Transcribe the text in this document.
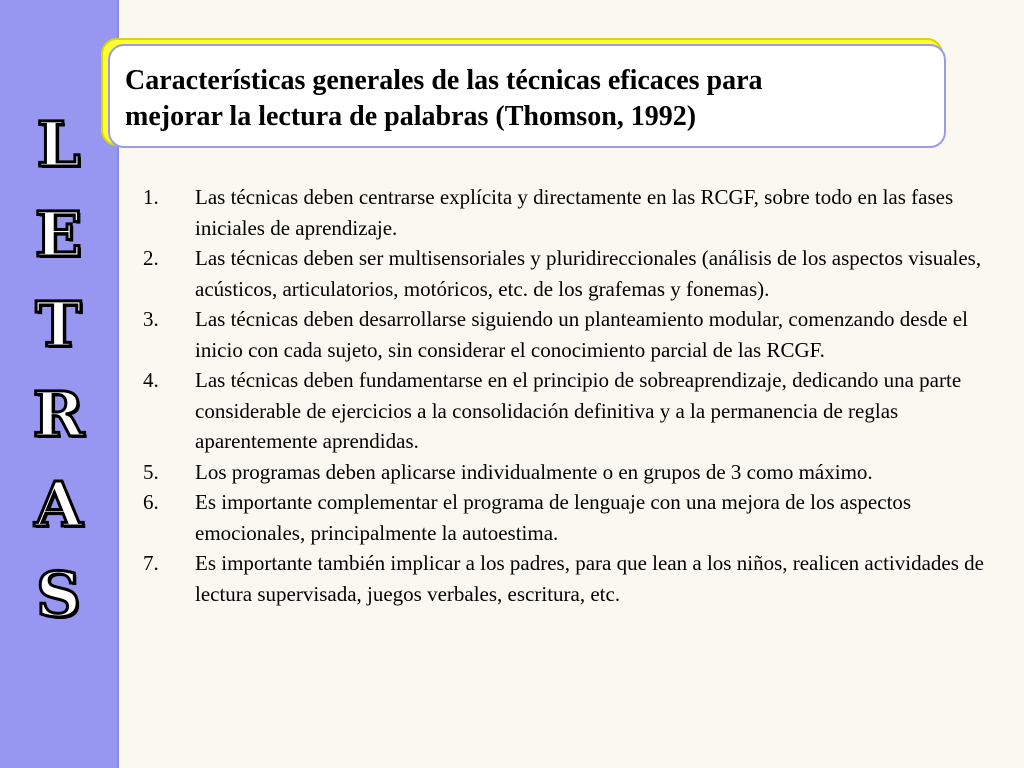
L
E
T
R
A
S

Características generales de las técnicas eficaces para
mejorar la lectura de palabras (Thomson, 1992)

1.	Las técnicas deben centrarse explícita y directamente en las RCGF, sobre todo en las fases iniciales de aprendizaje.
2.	Las técnicas deben ser multisensoriales y pluridireccionales (análisis de los aspectos visuales, acústicos, articulatorios, motóricos, etc. de los grafemas y fonemas).
3.	Las técnicas deben desarrollarse siguiendo un planteamiento modular, comenzando desde el inicio con cada sujeto, sin considerar el conocimiento parcial de las RCGF.
4.	Las técnicas deben fundamentarse en el principio de sobreaprendizaje, dedicando una parte considerable de ejercicios a la consolidación definitiva y a la permanencia de reglas aparentemente aprendidas.
5.	Los programas deben aplicarse individualmente o en grupos de 3 como máximo.
6.	Es importante complementar el programa de lenguaje con una mejora de los aspectos emocionales, principalmente la autoestima.
7.	Es importante también implicar a los padres, para que lean a los niños, realicen actividades de lectura supervisada, juegos verbales, escritura, etc.
